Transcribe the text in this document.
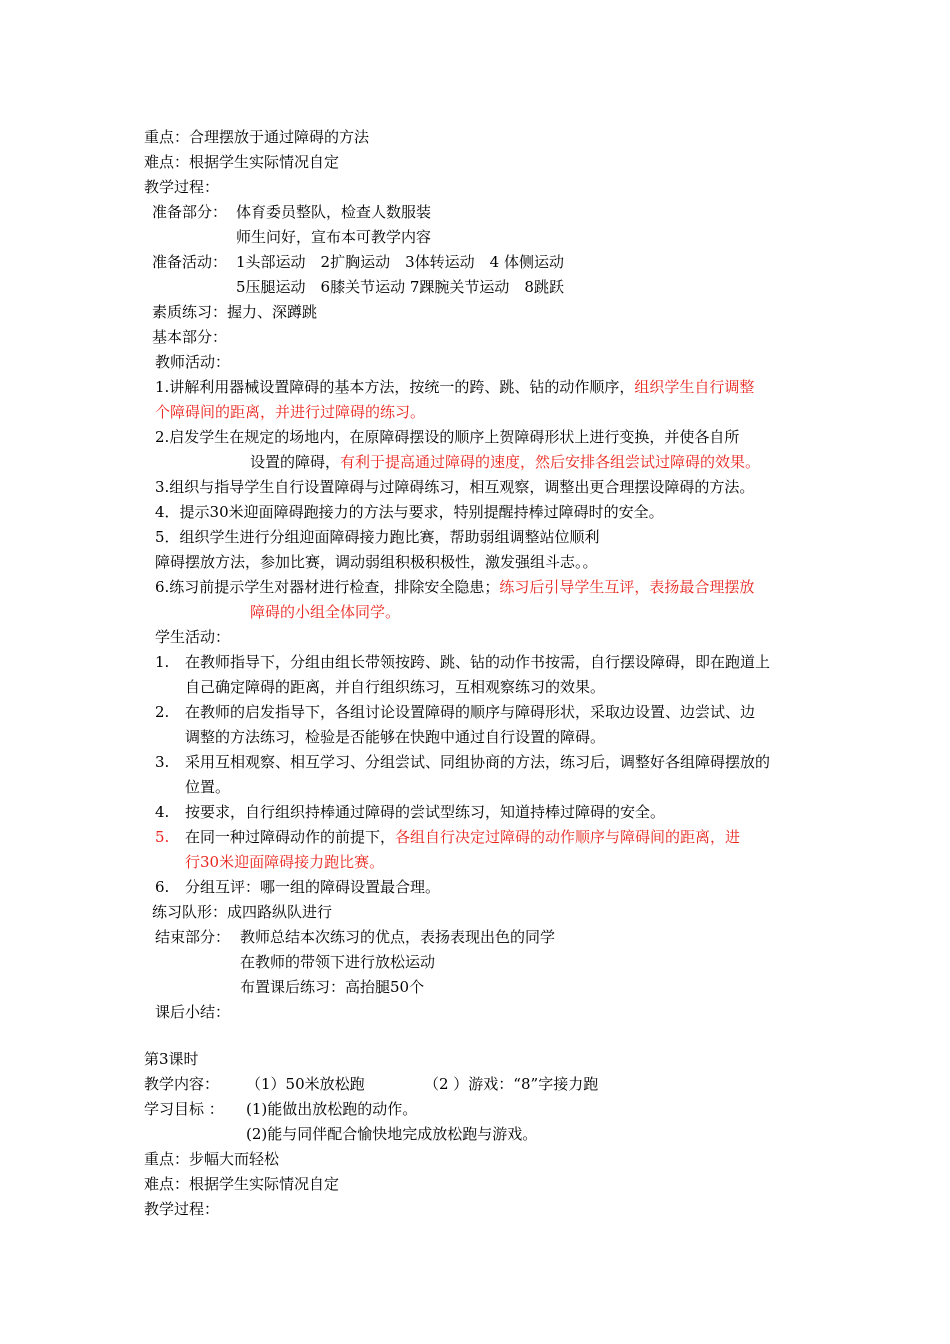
重点：合理摆放于通过障碍的方法
难点：根据学生实际情况自定
教学过程：
准备部分： 体育委员整队，检查人数服装
师生问好，宣布本可教学内容
准备活动： 1头部运动　2扩胸运动　3体转运动　4 体侧运动
5压腿运动　6膝关节运动 7踝腕关节运动　8跳跃
素质练习：握力、深蹲跳
基本部分：
教师活动：
1.讲解利用器械设置障碍的基本方法，按统一的跨、跳、钻的动作顺序，组织学生自行调整
个障碍间的距离，并进行过障碍的练习。
2.启发学生在规定的场地内，在原障碍摆设的顺序上贺障碍形状上进行变换，并使各自所
设置的障碍，有利于提高通过障碍的速度，然后安排各组尝试过障碍的效果。
3.组织与指导学生自行设置障碍与过障碍练习，相互观察，调整出更合理摆设障碍的方法。
4．提示30米迎面障碍跑接力的方法与要求，特别提醒持棒过障碍时的安全。
5．组织学生进行分组迎面障碍接力跑比赛，帮助弱组调整站位顺利
障碍摆放方法，参加比赛，调动弱组积极积极性，激发强组斗志。。
6.练习前提示学生对器材进行检查，排除安全隐患；练习后引导学生互评，表扬最合理摆放
障碍的小组全体同学。
学生活动：
1. 在教师指导下，分组由组长带领按跨、跳、钻的动作书按需，自行摆设障碍，即在跑道上
自己确定障碍的距离，并自行组织练习，互相观察练习的效果。
2. 在教师的启发指导下，各组讨论设置障碍的顺序与障碍形状，采取边设置、边尝试、边
调整的方法练习，检验是否能够在快跑中通过自行设置的障碍。
3. 采用互相观察、相互学习、分组尝试、同组协商的方法，练习后，调整好各组障碍摆放的
位置。
4. 按要求，自行组织持棒通过障碍的尝试型练习，知道持棒过障碍的安全。
5. 在同一种过障碍动作的前提下，各组自行决定过障碍的动作顺序与障碍间的距离，进
行30米迎面障碍接力跑比赛。
6. 分组互评：哪一组的障碍设置最合理。
练习队形：成四路纵队进行
结束部分： 教师总结本次练习的优点，表扬表现出色的同学
在教师的带领下进行放松运动
布置课后练习：高抬腿50个
课后小结：
第3课时
教学内容： （1）50米放松跑	（2 ）游戏：“8”字接力跑
学习目标 ： (1)能做出放松跑的动作。
(2)能与同伴配合愉快地完成放松跑与游戏。
重点：步幅大而轻松
难点：根据学生实际情况自定
教学过程：
